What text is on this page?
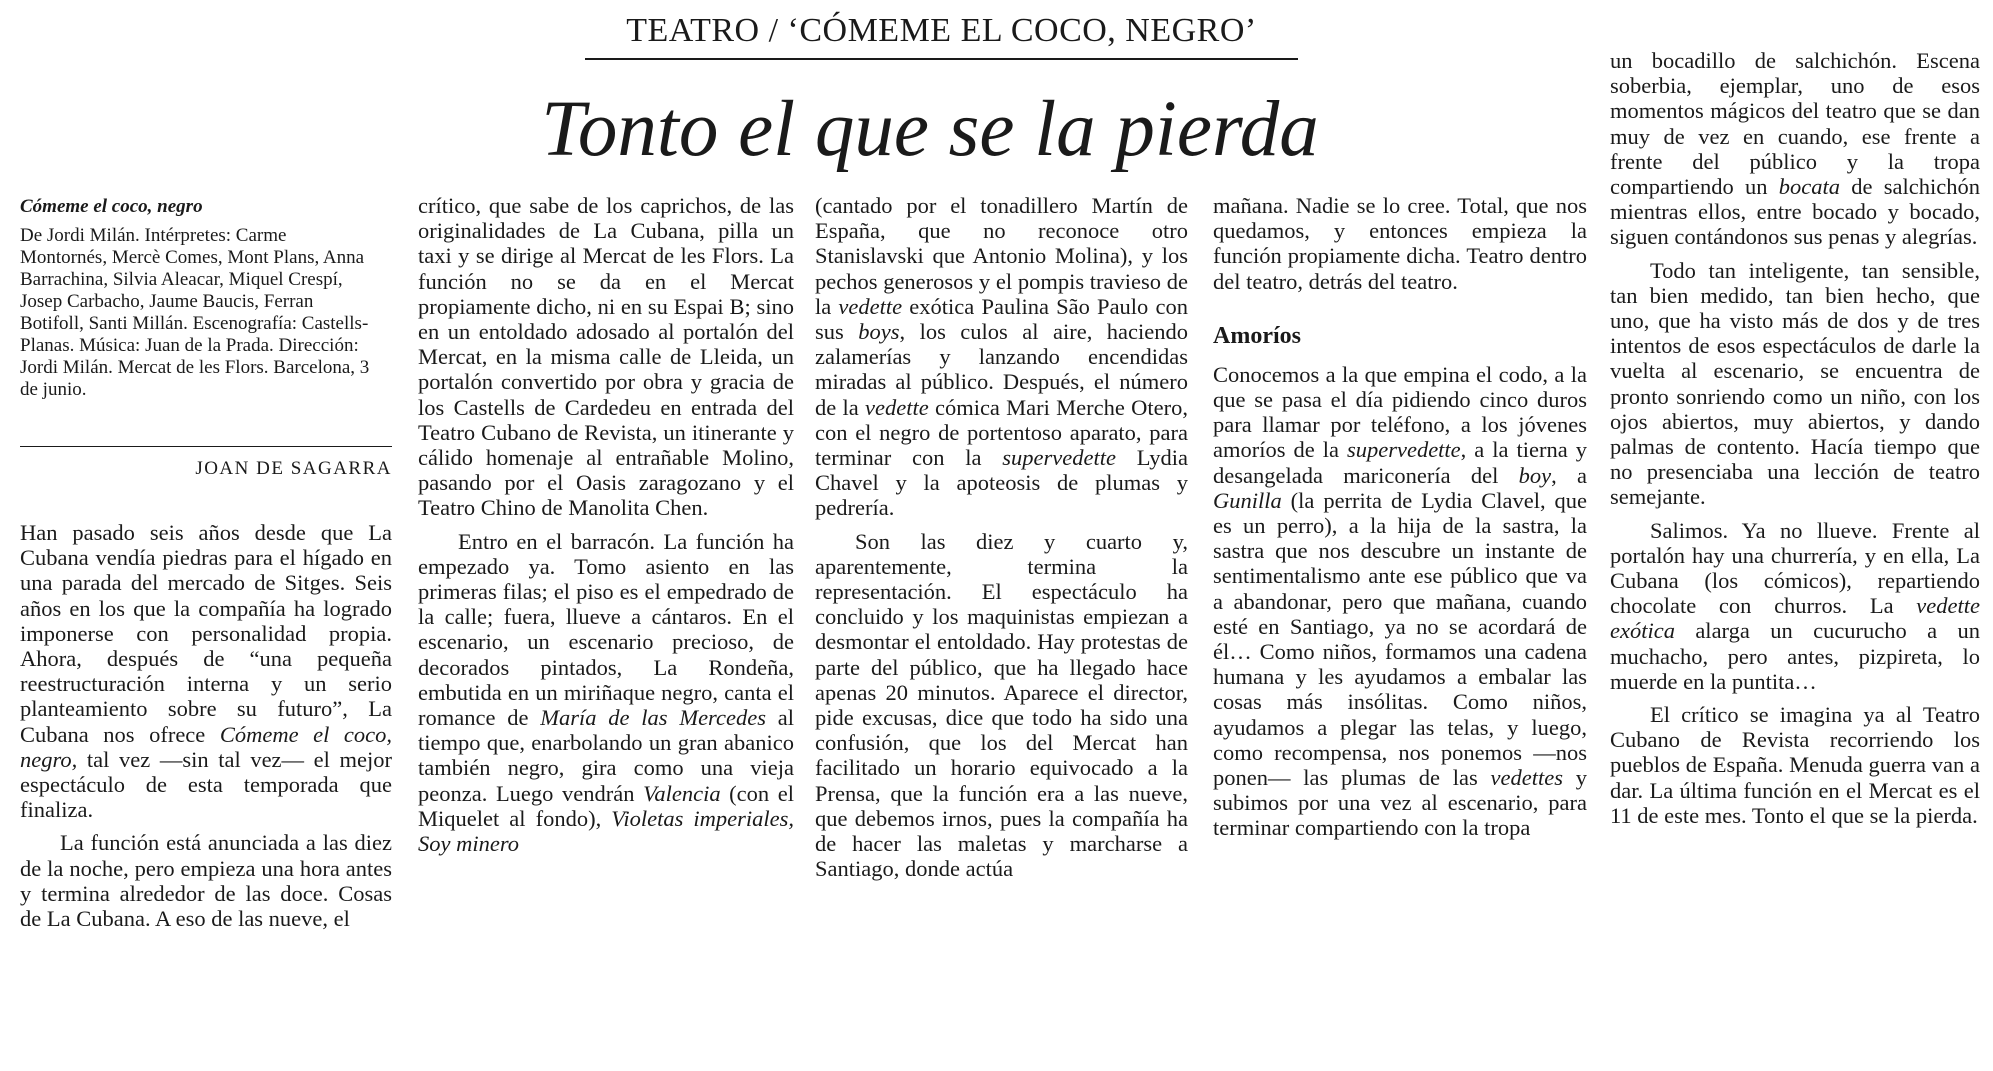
TEATRO / ‘CÓMEME EL COCO, NEGRO’
Tonto el que se la pierda

Cómeme el coco, negro

De Jordi Milán. Intérpretes: Carme Montornés, Mercè Comes, Mont Plans, Anna Barrachina, Silvia Aleacar, Miquel Crespí, Josep Carbacho, Jaume Baucis, Ferran Botifoll, Santi Millán. Escenografía: Castells-Planas. Música: Juan de la Prada. Dirección: Jordi Milán. Mercat de les Flors. Barcelona, 3 de junio.

JOAN DE SAGARRA

Han pasado seis años desde que La Cubana vendía piedras para el hígado en una parada del mercado de Sitges. Seis años en los que la compañía ha logrado imponerse con personalidad propia. Ahora, después de “una pequeña reestructuración interna y un serio planteamiento sobre su futuro”, La Cubana nos ofrece Cómeme el coco, negro, tal vez —sin tal vez— el mejor espectáculo de esta temporada que finaliza.

La función está anunciada a las diez de la noche, pero empieza una hora antes y termina alrededor de las doce. Cosas de La Cubana. A eso de las nueve, el

crítico, que sabe de los caprichos, de las originalidades de La Cubana, pilla un taxi y se dirige al Mercat de les Flors. La función no se da en el Mercat propiamente dicho, ni en su Espai B; sino en un entoldado adosado al portalón del Mercat, en la misma calle de Lleida, un portalón convertido por obra y gracia de los Castells de Cardedeu en entrada del Teatro Cubano de Revista, un itinerante y cálido homenaje al entrañable Molino, pasando por el Oasis zaragozano y el Teatro Chino de Manolita Chen.

Entro en el barracón. La función ha empezado ya. Tomo asiento en las primeras filas; el piso es el empedrado de la calle; fuera, llueve a cántaros. En el escenario, un escenario precioso, de decorados pintados, La Rondeña, embutida en un miriñaque negro, canta el romance de María de las Mercedes al tiempo que, enarbolando un gran abanico también negro, gira como una vieja peonza. Luego vendrán Valencia (con el Miquelet al fondo), Violetas imperiales, Soy minero

(cantado por el tonadillero Martín de España, que no reconoce otro Stanislavski que Antonio Molina), y los pechos generosos y el pompis travieso de la vedette exótica Paulina São Paulo con sus boys, los culos al aire, haciendo zalamerías y lanzando encendidas miradas al público. Después, el número de la vedette cómica Mari Merche Otero, con el negro de portentoso aparato, para terminar con la supervedette Lydia Chavel y la apoteosis de plumas y pedrería.

Son las diez y cuarto y, aparentemente, termina la representación. El espectáculo ha concluido y los maquinistas empiezan a desmontar el entoldado. Hay protestas de parte del público, que ha llegado hace apenas 20 minutos. Aparece el director, pide excusas, dice que todo ha sido una confusión, que los del Mercat han facilitado un horario equivocado a la Prensa, que la función era a las nueve, que debemos irnos, pues la compañía ha de hacer las maletas y marcharse a Santiago, donde actúa

mañana. Nadie se lo cree. Total, que nos quedamos, y entonces empieza la función propiamente dicha. Teatro dentro del teatro, detrás del teatro.

Amoríos

Conocemos a la que empina el codo, a la que se pasa el día pidiendo cinco duros para llamar por teléfono, a los jóvenes amoríos de la supervedette, a la tierna y desangelada mariconería del boy, a Gunilla (la perrita de Lydia Clavel, que es un perro), a la hija de la sastra, la sastra que nos descubre un instante de sentimentalismo ante ese público que va a abandonar, pero que mañana, cuando esté en Santiago, ya no se acordará de él… Como niños, formamos una cadena humana y les ayudamos a embalar las cosas más insólitas. Como niños, ayudamos a plegar las telas, y luego, como recompensa, nos ponemos —nos ponen— las plumas de las vedettes y subimos por una vez al escenario, para terminar compartiendo con la tropa

un bocadillo de salchichón. Escena soberbia, ejemplar, uno de esos momentos mágicos del teatro que se dan muy de vez en cuando, ese frente a frente del público y la tropa compartiendo un bocata de salchichón mientras ellos, entre bocado y bocado, siguen contándonos sus penas y alegrías.

Todo tan inteligente, tan sensible, tan bien medido, tan bien hecho, que uno, que ha visto más de dos y de tres intentos de esos espectáculos de darle la vuelta al escenario, se encuentra de pronto sonriendo como un niño, con los ojos abiertos, muy abiertos, y dando palmas de contento. Hacía tiempo que no presenciaba una lección de teatro semejante.

Salimos. Ya no llueve. Frente al portalón hay una churrería, y en ella, La Cubana (los cómicos), repartiendo chocolate con churros. La vedette exótica alarga un cucurucho a un muchacho, pero antes, pizpireta, lo muerde en la puntita…

El crítico se imagina ya al Teatro Cubano de Revista recorriendo los pueblos de España. Menuda guerra van a dar. La última función en el Mercat es el 11 de este mes. Tonto el que se la pierda.
